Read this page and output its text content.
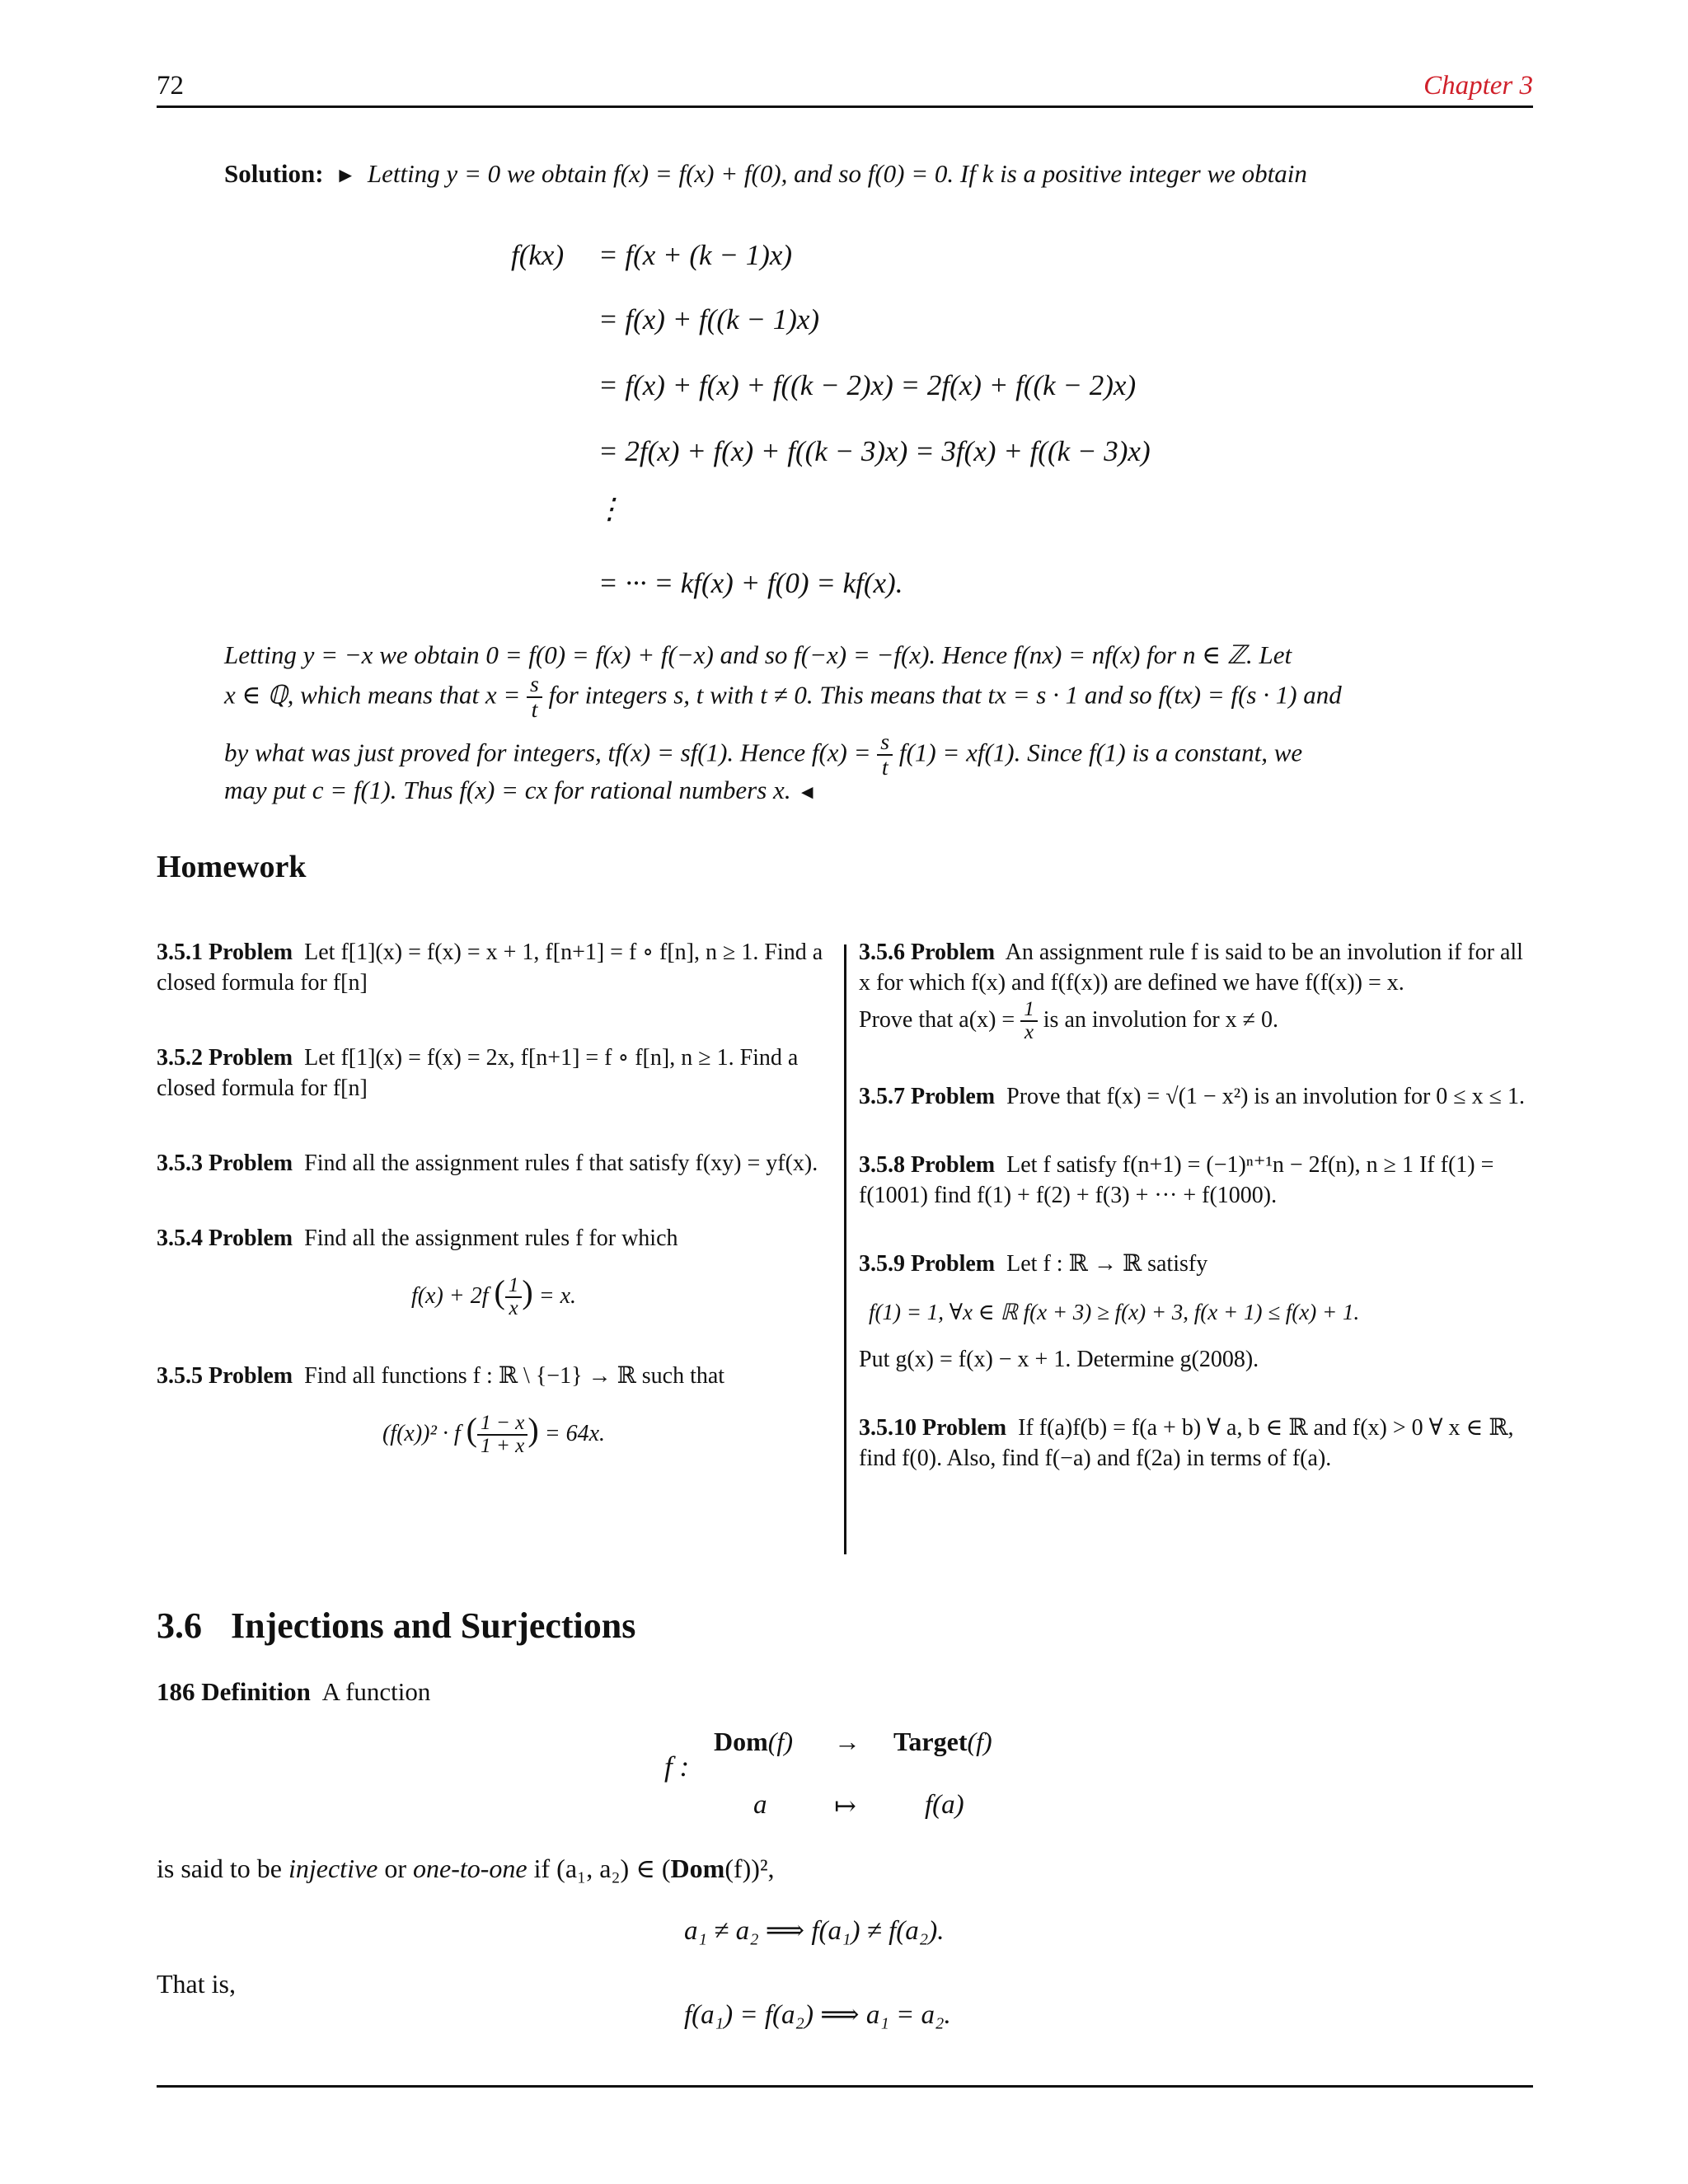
72	Chapter 3
Solution: ► Letting y = 0 we obtain f(x) = f(x) + f(0), and so f(0) = 0. If k is a positive integer we obtain
f(kx) = f(x + (k − 1)x)
= f(x) + f((k − 1)x)
= f(x) + f(x) + f((k − 2)x) = 2f(x) + f((k − 2)x)
= 2f(x) + f(x) + f((k − 3)x) = 3f(x) + f((k − 3)x)
⋮
= ··· = kf(x) + f(0) = kf(x).
Letting y = −x we obtain 0 = f(0) = f(x) + f(−x) and so f(−x) = −f(x). Hence f(nx) = nf(x) for n ∈ ℤ. Let
x ∈ ℚ, which means that $x = \frac{s}{t}$ for integers s, t with t ≠ 0. This means that tx = s · 1 and so f(tx) = f(s · 1) and
by what was just proved for integers, tf(x) = sf(1). Hence $f(x) = \frac{s}{t} f(1) = xf(1)$. Since f(1) is a constant, we
may put c = f(1). Thus f(x) = cx for rational numbers x. ◄
Homework

3.5.1 Problem Let f[1](x) = f(x) = x + 1, f[n+1] = f ∘ f[n], n ≥ 1. Find a closed formula for f[n]

3.5.2 Problem Let f[1](x) = f(x) = 2x, f[n+1] = f ∘ f[n], n ≥ 1. Find a closed formula for f[n]

3.5.3 Problem Find all the assignment rules f that satisfy f(xy) = yf(x).

3.5.4 Problem Find all the assignment rules f for which

f(x) + 2f ( $\frac{1}{x}$ ) = x.

3.5.5 Problem Find all functions f : ℝ \ {−1} → ℝ such that

(f(x))² · f ( $\frac{1 - x}{1 + x}$ ) = 64x.

3.5.6 Problem An assignment rule f is said to be an involution if for all x for which f(x) and f(f(x)) are defined we have f(f(x)) = x.

Prove that $a(x) = \frac{1}{x}$ is an involution for x ≠ 0.

3.5.7 Problem Prove that f(x) = √(1 − x²) is an involution for 0 ≤ x ≤ 1.

3.5.8 Problem Let f satisfy f(n+1) = (−1)ⁿ⁺¹n − 2f(n), n ≥ 1 If f(1) = f(1001) find f(1) + f(2) + f(3) + ··· + f(1000).

3.5.9 Problem Let f : ℝ → ℝ satisfy

f(1) = 1, ∀x ∈ ℝ f(x + 3) ≥ f(x) + 3, f(x + 1) ≤ f(x) + 1.

Put g(x) = f(x) − x + 1. Determine g(2008).

3.5.10 Problem If f(a)f(b) = f(a + b) ∀ a, b ∈ ℝ and f(x) > 0 ∀ x ∈ ℝ, find f(0). Also, find f(−a) and f(2a) in terms of f(a).

3.6 Injections and Surjections
186 Definition A function
f :
Dom(f) → Target(f)
a	↦	f(a)
is said to be injective or one-to-one if (a₁, a₂) ∈ (Dom(f))²,
a₁ ≠ a₂ ⟹ f(a₁) ≠ f(a₂).
That is,
f(a₁) = f(a₂) ⟹ a₁ = a₂.
